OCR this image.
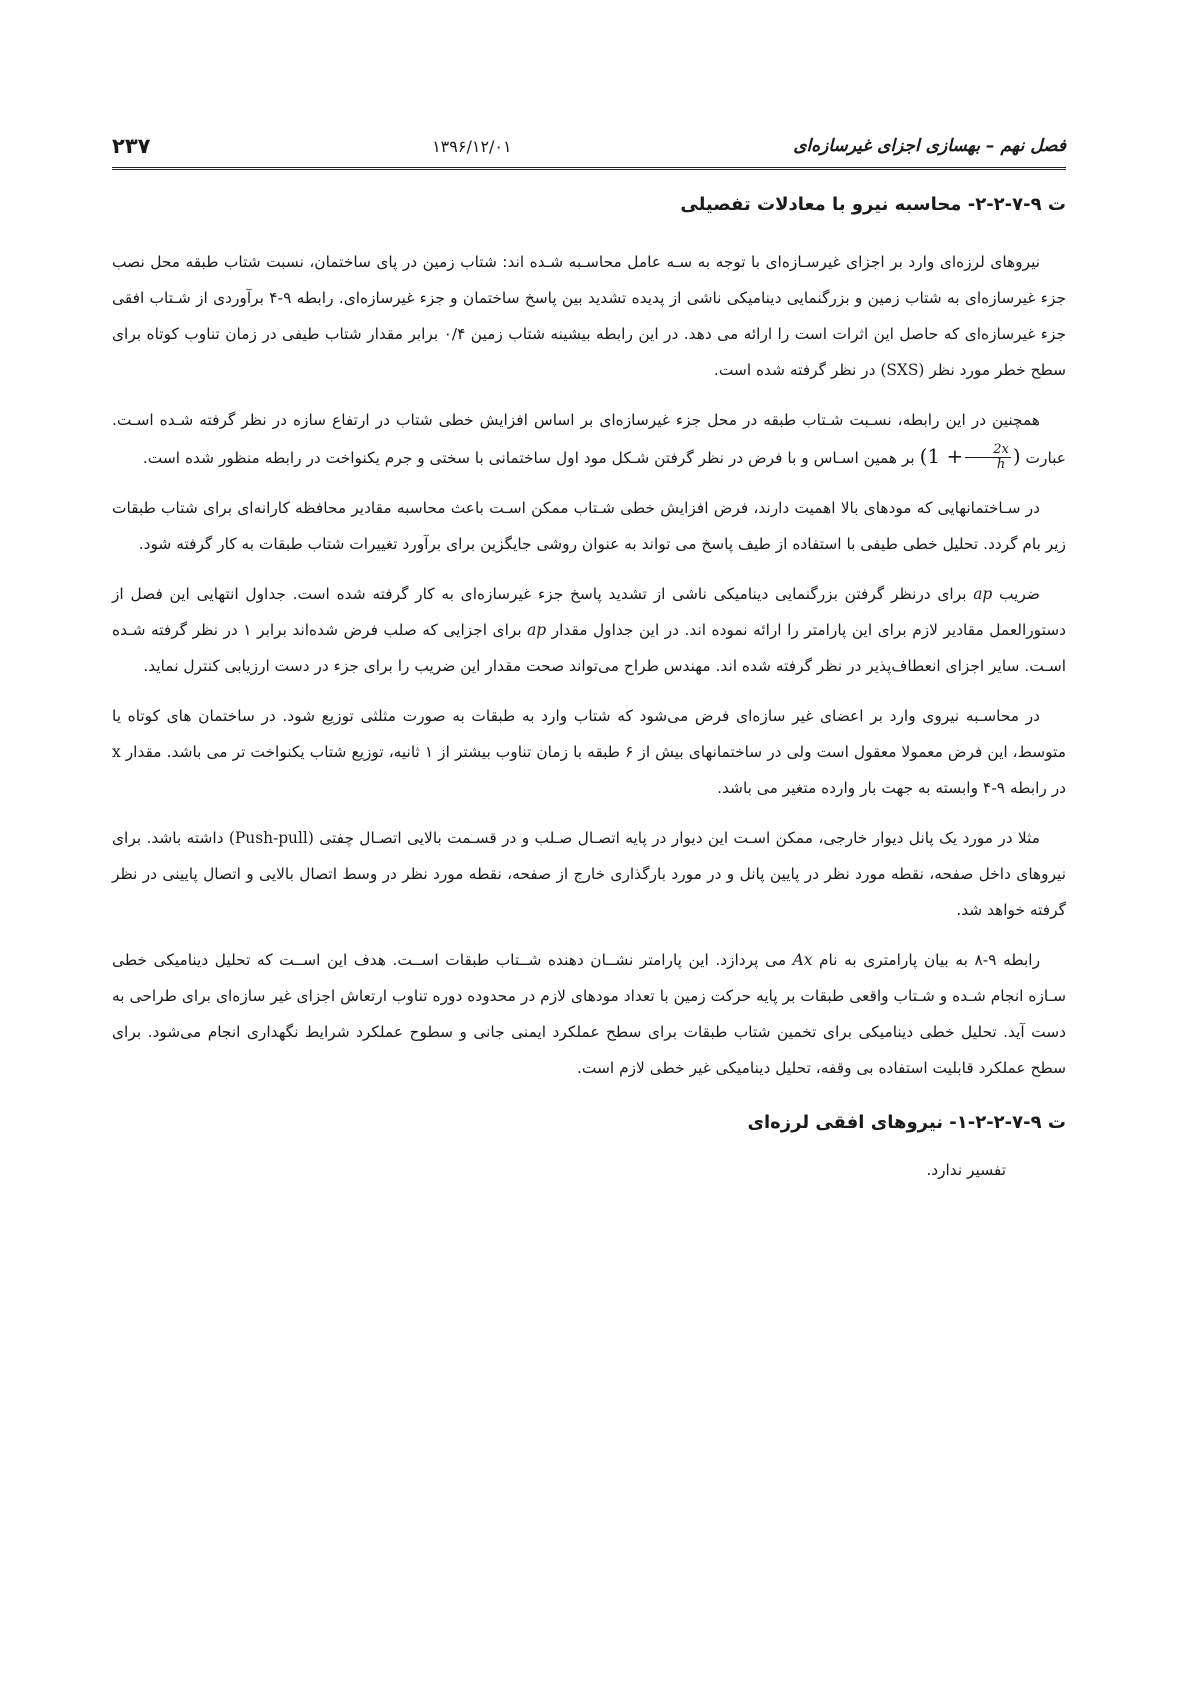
۲۳۷	۱۳۹۶/۱۲/۰۱	فصل نهم – بهسازی اجزای غیرسازه‌ای
ت ۹-۷-۲-۲- محاسبه نیرو با معادلات تفصیلی

نیروهای لرزه‌ای وارد بر اجزای غیرسـازه‌ای با توجه به سـه عامل محاسـبه شـده اند: شتاب زمین در پای ساختمان، نسبت شتاب طبقه محل نصب جزء غیرسازه‌ای به شتاب زمین و بزرگنمایی دینامیکی ناشی از پدیده تشدید بین پاسخ ساختمان و جزء غیرسازه‌ای. رابطه ۹-۴ برآوردی از شـتاب افقی جزء غیرسازه‌ای که حاصل این اثرات است را ارائه می دهد. در این رابطه بیشینه شتاب زمین ۰/۴ برابر مقدار شتاب طیفی در زمان تناوب کوتاه برای سطح خطر مورد نظر (SXS) در نظر گرفته شده است.

همچنین در این رابطه، نسـبت شـتاب طبقه در محل جزء غیرسازه‌ای بر اساس افزایش خطی شتاب در ارتفاع سازه در نظر گرفته شـده اسـت. عبارت ($1 + \frac{2x}{h}$ ) بر همین اسـاس و با فرض در نظر گرفتن شـکل مود اول ساختمانی با سختی و جرم یکنواخت در رابطه منظور شده است.

در سـاختمانهایی که مودهای بالا اهمیت دارند، فرض افزایش خطی شـتاب ممکن اسـت باعث محاسبه مقادیر محافظه کارانه‌ای برای شتاب طبقات زیر بام گردد. تحلیل خطی طیفی با استفاده از طیف پاسخ می تواند به عنوان روشی جایگزین برای برآورد تغییرات شتاب طبقات به کار گرفته شود.

ضریب ap برای درنظر گرفتن بزرگنمایی دینامیکی ناشی از تشدید پاسخ جزء غیرسازه‌ای به کار گرفته شده است. جداول انتهایی این فصل از دستورالعمل مقادیر لازم برای این پارامتر را ارائه نموده اند. در این جداول مقدار ap برای اجزایی که صلب فرض شده‌اند برابر ۱ در نظر گرفته شـده اسـت. سایر اجزای انعطاف‌پذیر در نظر گرفته شده اند. مهندس طراح می‌تواند صحت مقدار این ضریب را برای جزء در دست ارزیابی کنترل نماید.

در محاسـبه نیروی وارد بر اعضای غیر سازه‌ای فرض می‌شود که شتاب وارد به طبقات به صورت مثلثی توزیع شود. در ساختمان های کوتاه یا متوسط، این فرض معمولا معقول است ولی در ساختمانهای بیش از ۶ طبقه با زمان تناوب بیشتر از ۱ ثانیه، توزیع شتاب یکنواخت تر می باشد. مقدار x در رابطه ۹-۴ وابسته به جهت بار وارده متغیر می باشد.

مثلا در مورد یک پانل دیوار خارجی، ممکن اسـت این دیوار در پایه اتصـال صـلب و در قسـمت بالایی اتصـال چفتی (Push-pull) داشته باشد. برای نیروهای داخل صفحه، نقطه مورد نظر در پایین پانل و در مورد بارگذاری خارج از صفحه، نقطه مورد نظر در وسط اتصال بالایی و اتصال پایینی در نظر گرفته خواهد شد.

رابطه ۹-۸ به بیان پارامتری به نام Ax می پردازد. این پارامتر نشــان دهنده شــتاب طبقات اســت. هدف این اســت که تحلیل دینامیکی خطی سـازه انجام شـده و شـتاب واقعی طبقات بر پایه حرکت زمین با تعداد مودهای لازم در محدوده دوره تناوب ارتعاش اجزای غیر سازه‌ای برای طراحی به دست آید. تحلیل خطی دینامیکی برای تخمین شتاب طبقات برای سطح عملکرد ایمنی جانی و سطوح عملکرد شرایط نگهداری انجام می‌شود. برای سطح عملکرد قابلیت استفاده بی وقفه، تحلیل دینامیکی غیر خطی لازم است.

ت ۹-۷-۲-۲-۱- نیروهای افقی لرزه‌ای

تفسیر ندارد.
